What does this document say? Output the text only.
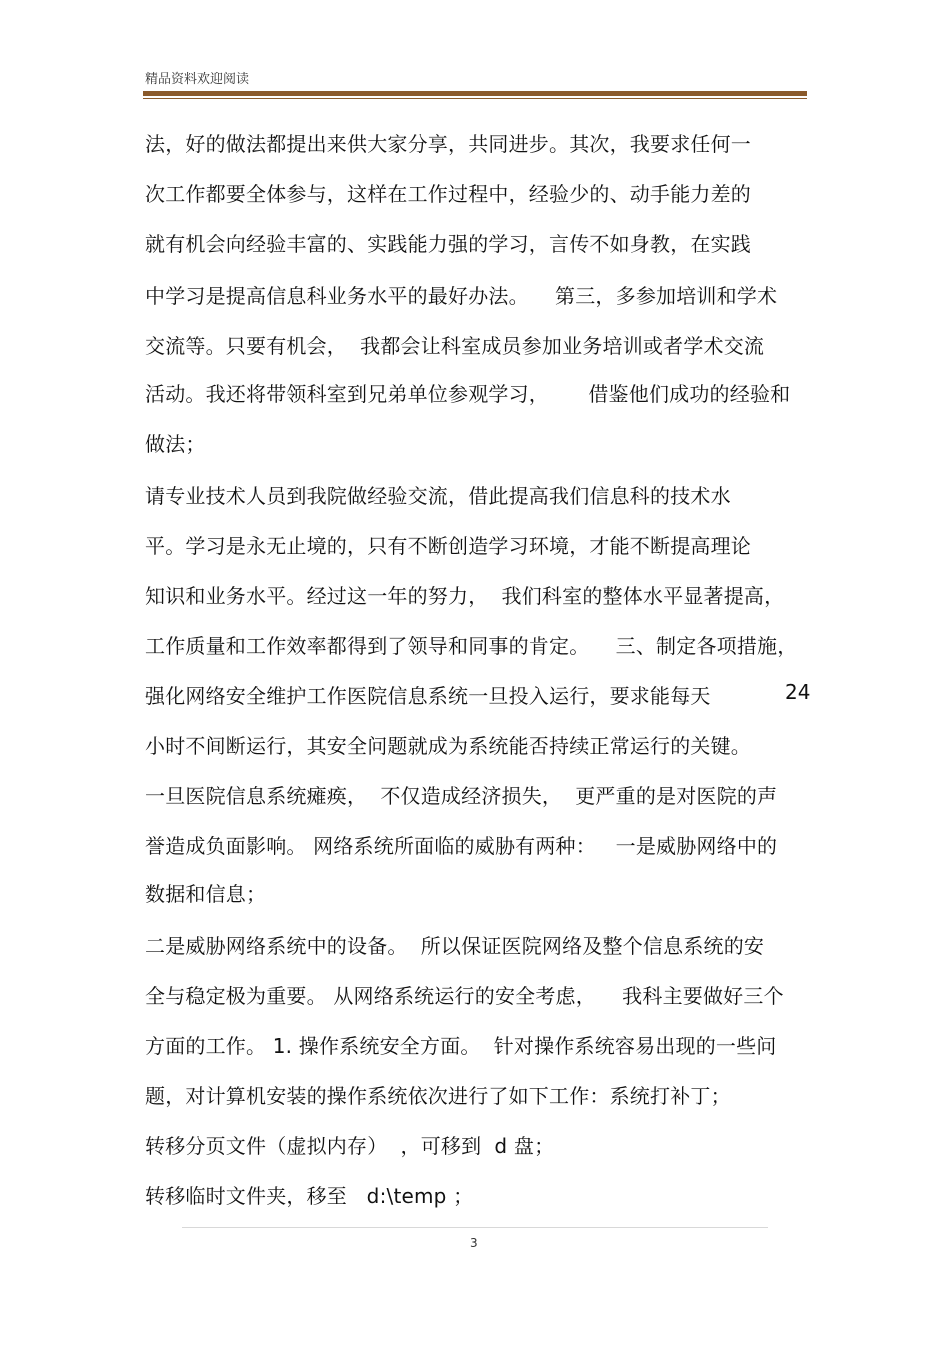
精品资料欢迎阅读
法，好的做法都提出来供大家分享，共同进步。其次，我要求任何一
次工作都要全体参与，这样在工作过程中，经验少的、动手能力差的
就有机会向经验丰富的、实践能力强的学习，言传不如身教，在实践
中学习是提高信息科业务水平的最好办法。    第三，多参加培训和学术
交流等。只要有机会，  我都会让科室成员参加业务培训或者学术交流
活动。我还将带领科室到兄弟单位参观学习，      借鉴他们成功的经验和
做法；
请专业技术人员到我院做经验交流，借此提高我们信息科的技术水
平。学习是永无止境的，只有不断创造学习环境，才能不断提高理论
知识和业务水平。经过这一年的努力，  我们科室的整体水平显著提高，
工作质量和工作效率都得到了领导和同事的肯定。    三、制定各项措施，
强化网络安全维护工作医院信息系统一旦投入运行，要求能每天	24
小时不间断运行，其安全问题就成为系统能否持续正常运行的关键。
一旦医院信息系统瘫痪，  不仅造成经济损失，  更严重的是对医院的声
誉造成负面影响。 网络系统所面临的威胁有两种：   一是威胁网络中的
数据和信息；
二是威胁网络系统中的设备。  所以保证医院网络及整个信息系统的安
全与稳定极为重要。 从网络系统运行的安全考虑，    我科主要做好三个
方面的工作。 1. 操作系统安全方面。  针对操作系统容易出现的一些问
题，对计算机安装的操作系统依次进行了如下工作：系统打补丁；
转移分页文件（虚拟内存）  ，可移到  d 盘；
转移临时文件夹，移至   d:\temp ；
3
